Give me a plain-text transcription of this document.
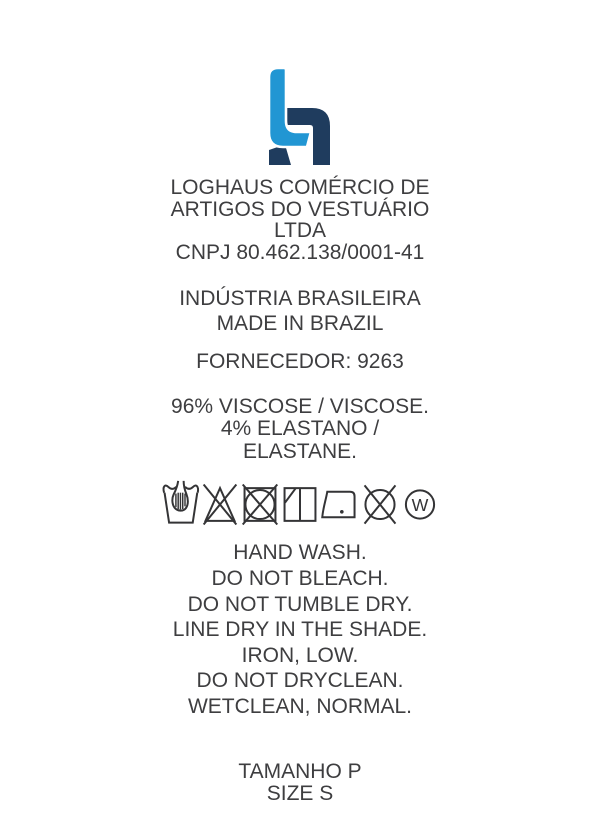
LOGHAUS COMÉRCIO DE
ARTIGOS DO VESTUÁRIO
LTDA
CNPJ 80.462.138/0001-41
INDÚSTRIA BRASILEIRA
MADE IN BRAZIL
FORNECEDOR: 9263
96% VISCOSE / VISCOSE.
4% ELASTANO /
ELASTANE.
W
HAND WASH.
DO NOT BLEACH.
DO NOT TUMBLE DRY.
LINE DRY IN THE SHADE.
IRON, LOW.
DO NOT DRYCLEAN.
WETCLEAN, NORMAL.
TAMANHO P
SIZE S
